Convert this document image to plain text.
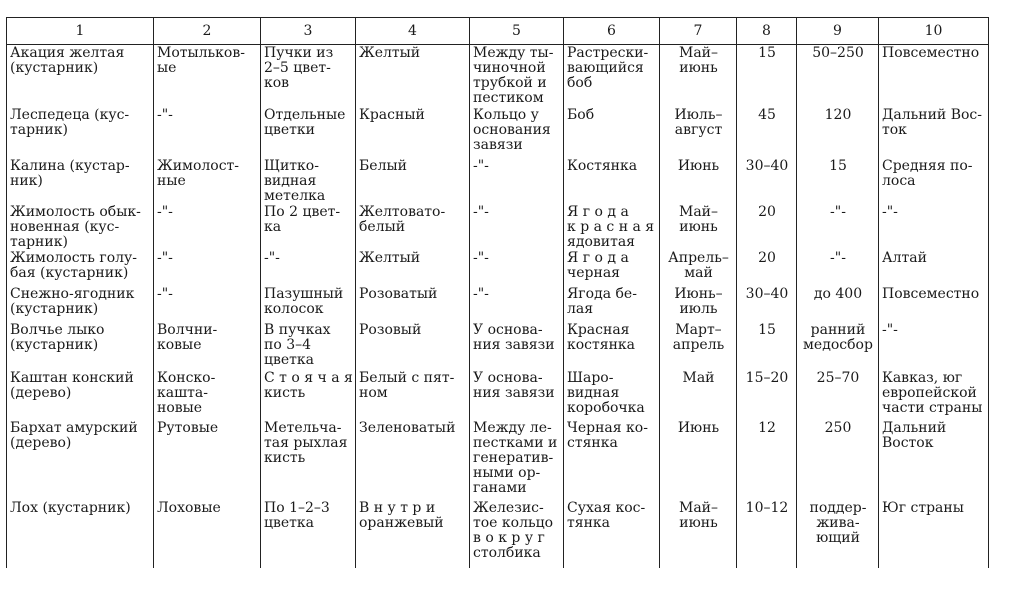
1	2	3	4	5	6	7	8	9	10
Акация желтая
(кустарник)	Мотыльков-
ые	Пучки из
2–5 цвет-
ков	Желтый	Между ты-
чиночной
трубкой и
пестиком	Растрески-
вающийся
боб	Май–
июнь	15	50–250	Повсеместно
Леспедеца (кус-
тарник)	-"-	Отдельные
цветки	Красный	Кольцо у
основания
завязи	Боб	Июль–
август	45	120	Дальний Вос-
ток
Калина (кустар-
ник)	Жимолост-
ные	Щитко-
видная
метелка	Белый	-"-	Костянка	Июнь	30–40	15	Средняя по-
лоса
Жимолость обык-
новенная (кус-
тарник)	-"-	По 2 цвет-
ка	Желтовато-
белый	-"-	Я г о д а
к р а с н а я
ядовитая	Май–
июнь	20	-"-	-"-
Жимолость голу-
бая (кустарник)	-"-	-"-	Желтый	-"-	Я г о д а
черная	Апрель–
май	20	-"-	Алтай
Снежно-ягодник
(кустарник)	-"-	Пазушный
колосок	Розоватый	-"-	Ягода бе-
лая	Июнь–
июль	30–40	до 400	Повсеместно
Волчье лыко
(кустарник)	Волчни-
ковые	В пучках
по 3–4
цветка	Розовый	У основа-
ния завязи	Красная
костянка	Март–
апрель	15	ранний
медосбор	-"-
Каштан конский
(дерево)	Конско-
кашта-
новые	С т о я ч а я
кисть	Белый с пят-
ном	У основа-
ния завязи	Шаро-
видная
коробочка	Май	15–20	25–70	Кавказ, юг
европейской
части страны
Бархат амурский
(дерево)	Рутовые	Метельча-
тая рыхлая
кисть	Зеленоватый	Между ле-
пестками и
генератив-
ными ор-
ганами	Черная ко-
стянка	Июнь	12	250	Дальний
Восток
Лох (кустарник)	Лоховые	По 1–2–3
цветка	В н у т р и
оранжевый	Железис-
тое кольцо
в о к р у г
столбика	Сухая кос-
тянка	Май–
июнь	10–12	поддер-
жива-
ющий	Юг страны
